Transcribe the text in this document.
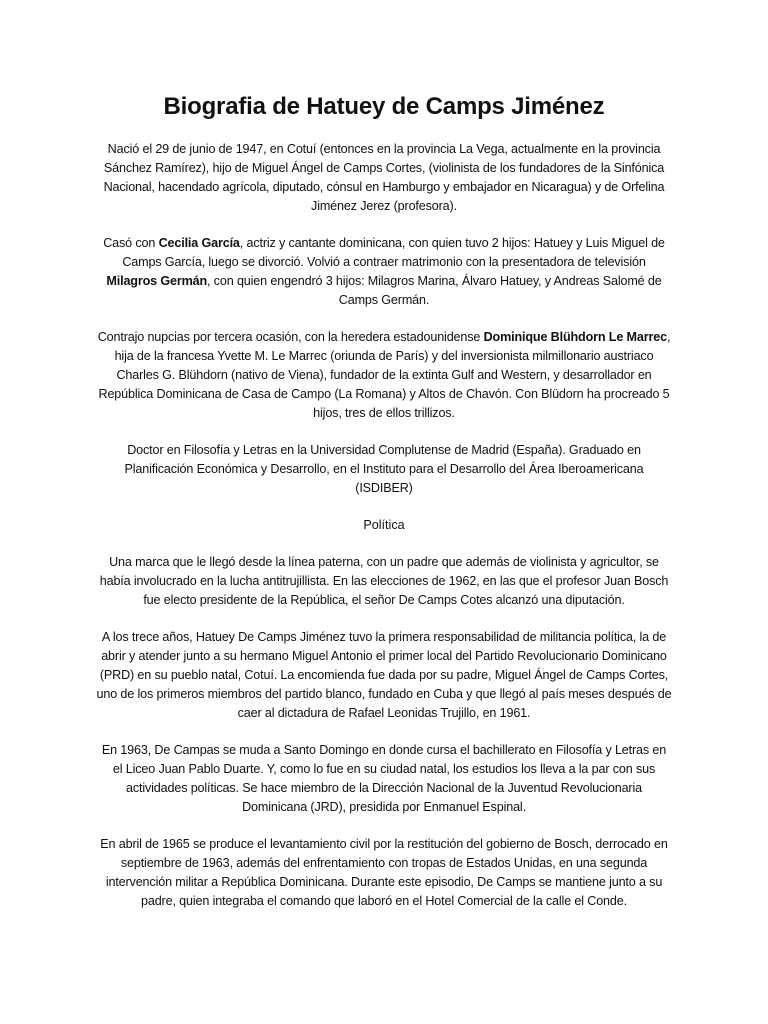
Biografia de Hatuey de Camps Jiménez

Nació el 29 de junio de 1947, en Cotuí (entonces en la provincia La Vega, actualmente en la provincia Sánchez Ramírez), hijo de Miguel Ángel de Camps Cortes, (violinista de los fundadores de la Sinfónica Nacional, hacendado agrícola, diputado, cónsul en Hamburgo y embajador en Nicaragua) y de Orfelina Jiménez Jerez (profesora).

Casó con Cecilia García, actriz y cantante dominicana, con quien tuvo 2 hijos: Hatuey y Luis Miguel de Camps García, luego se divorció. Volvió a contraer matrimonio con la presentadora de televisión Milagros Germán, con quien engendró 3 hijos: Milagros Marina, Álvaro Hatuey, y Andreas Salomé de Camps Germán.

Contrajo nupcias por tercera ocasión, con la heredera estadounidense Dominique Blühdorn Le Marrec, hija de la francesa Yvette M. Le Marrec (oriunda de París) y del inversionista milmillonario austriaco Charles G. Blühdorn (nativo de Viena), fundador de la extinta Gulf and Western, y desarrollador en República Dominicana de Casa de Campo (La Romana) y Altos de Chavón. Con Blüdorn ha procreado 5 hijos, tres de ellos trillizos.

Doctor en Filosofía y Letras en la Universidad Complutense de Madrid (España). Graduado en Planificación Económica y Desarrollo, en el Instituto para el Desarrollo del Área Iberoamericana (ISDIBER)

Política

Una marca que le llegó desde la línea paterna, con un padre que además de violinista y agricultor, se había involucrado en la lucha antitrujillista. En las elecciones de 1962, en las que el profesor Juan Bosch fue electo presidente de la República, el señor De Camps Cotes alcanzó una diputación.

A los trece años, Hatuey De Camps Jiménez tuvo la primera responsabilidad de militancia política, la de abrir y atender junto a su hermano Miguel Antonio el primer local del Partido Revolucionario Dominicano (PRD) en su pueblo natal, Cotuí. La encomienda fue dada por su padre, Miguel Ángel de Camps Cortes, uno de los primeros miembros del partido blanco, fundado en Cuba y que llegó al país meses después de caer al dictadura de Rafael Leonidas Trujillo, en 1961.

En 1963, De Campas se muda a Santo Domingo en donde cursa el bachillerato en Filosofía y Letras en el Liceo Juan Pablo Duarte. Y, como lo fue en su ciudad natal, los estudios los lleva a la par con sus actividades políticas. Se hace miembro de la Dirección Nacional de la Juventud Revolucionaria Dominicana (JRD), presidida por Enmanuel Espinal.

En abril de 1965 se produce el levantamiento civil por la restitución del gobierno de Bosch, derrocado en septiembre de 1963, además del enfrentamiento con tropas de Estados Unidas, en una segunda intervención militar a República Dominicana. Durante este episodio, De Camps se mantiene junto a su padre, quien integraba el comando que laboró en el Hotel Comercial de la calle el Conde.
